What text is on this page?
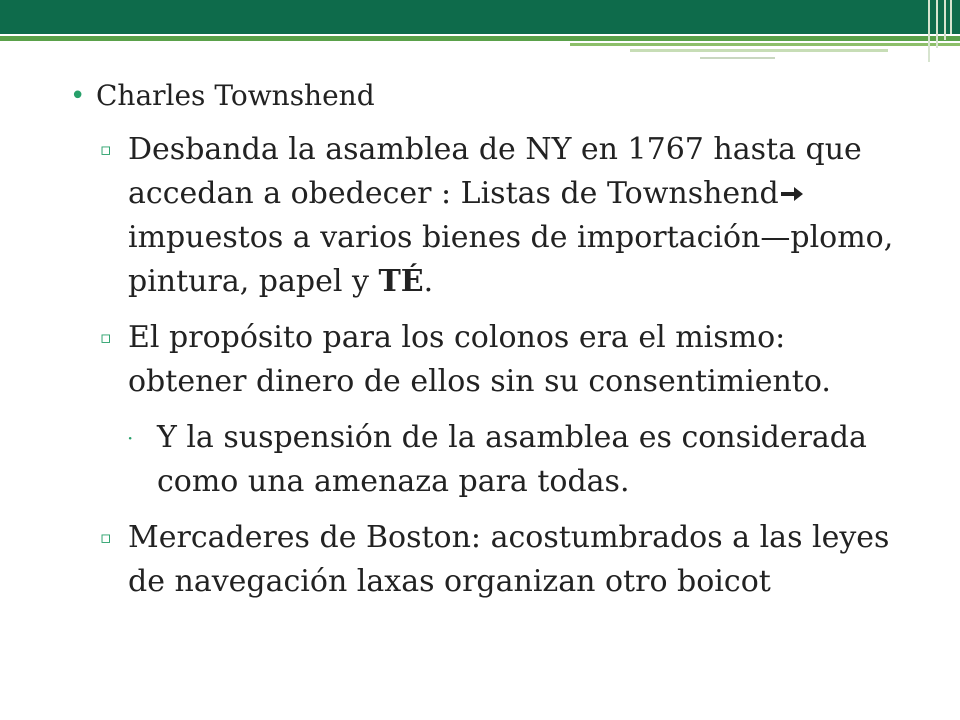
• Charles Townshend
▫ Desbanda la asamblea de NY en 1767 hasta que accedan a obedecer : Listas de Townshendimpuestos a varios bienes de importación—plomo, pintura, papel y TÉ.
▫ El propósito para los colonos era el mismo: obtener dinero de ellos sin su consentimiento.
· Y la suspensión de la asamblea es considerada como una amenaza para todas.
▫ Mercaderes de Boston: acostumbrados a las leyes de navegación laxas organizan otro boicot
